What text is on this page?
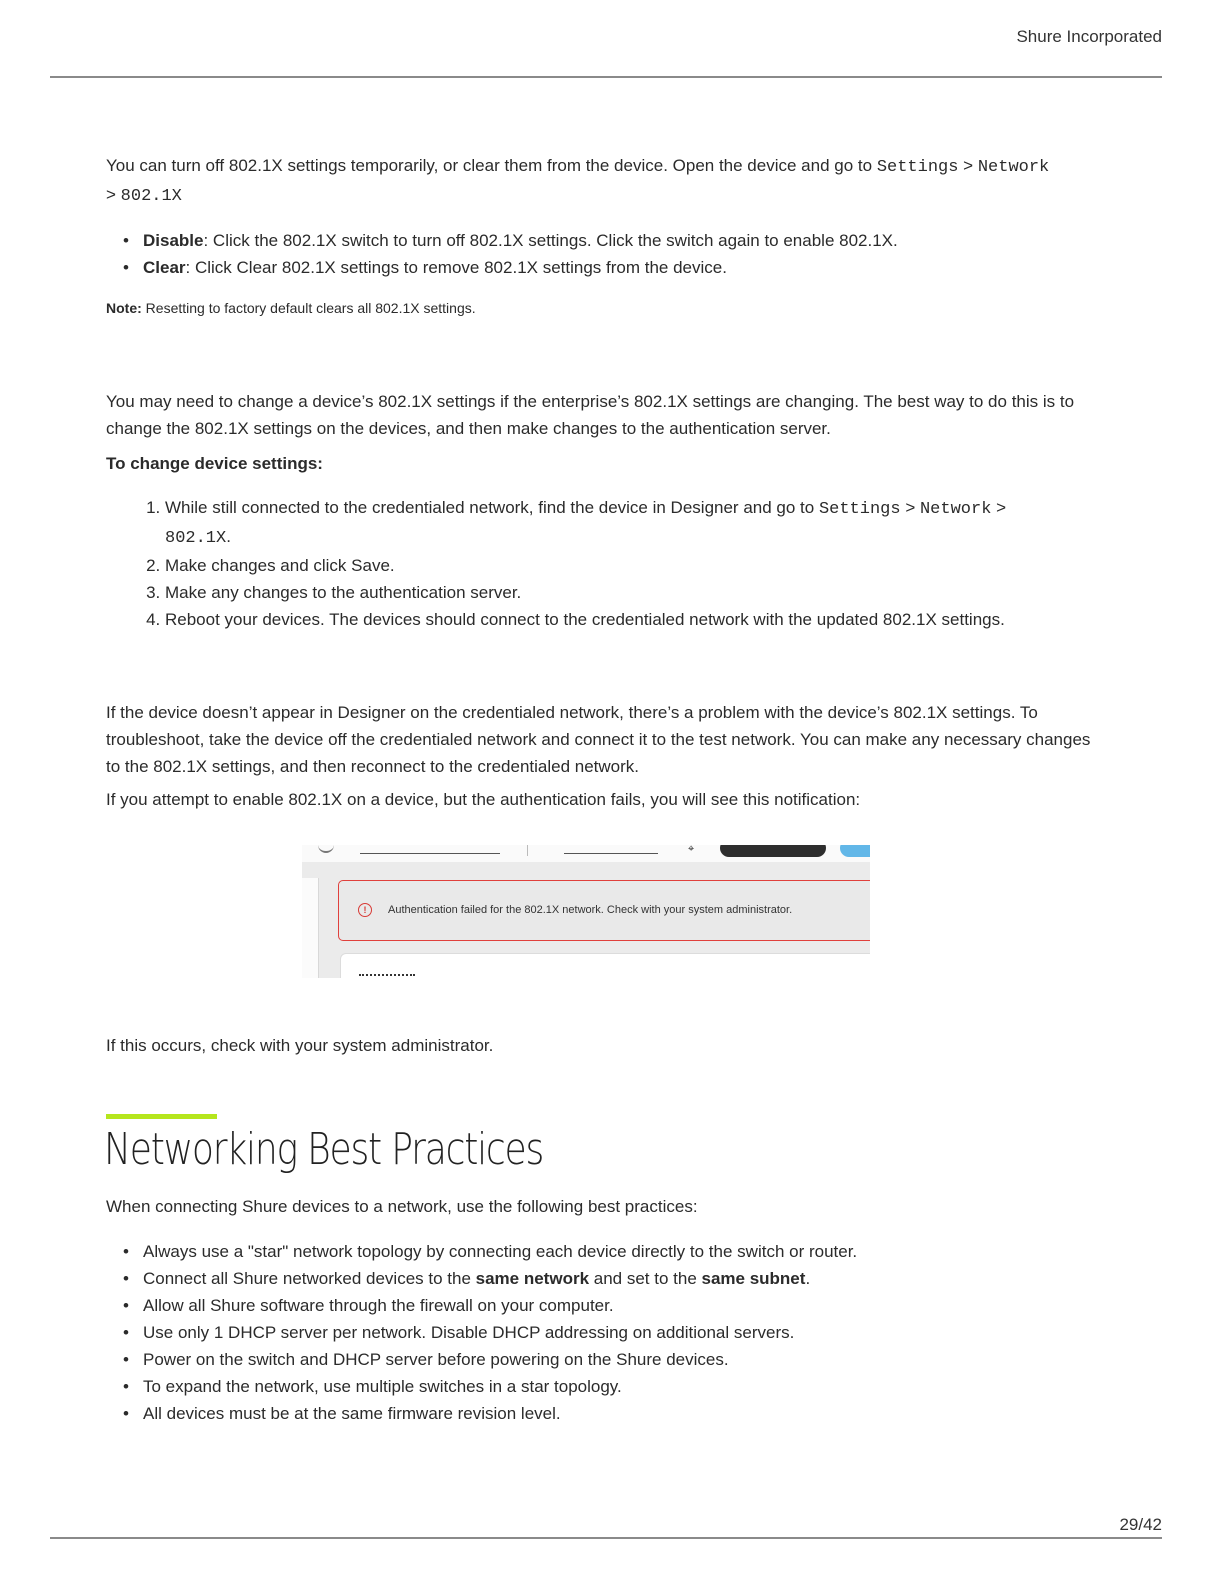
Shure Incorporated

You can turn off 802.1X settings temporarily, or clear them from the device. Open the device and go to Settings > Network
> 802.1X

• Disable: Click the 802.1X switch to turn off 802.1X settings. Click the switch again to enable 802.1X.
• Clear: Click Clear 802.1X settings to remove 802.1X settings from the device.
Note: Resetting to factory default clears all 802.1X settings.

You may need to change a device’s 802.1X settings if the enterprise’s 802.1X settings are changing. The best way to do this is to change the 802.1X settings on the devices, and then make changes to the authentication server.

To change device settings:

1. While still connected to the credentialed network, find the device in Designer and go to Settings > Network >
802.1X.
2. Make changes and click Save.
3. Make any changes to the authentication server.
4. Reboot your devices. The devices should connect to the credentialed network with the updated 802.1X settings.

If the device doesn’t appear in Designer on the credentialed network, there’s a problem with the device’s 802.1X settings. To troubleshoot, take the device off the credentialed network and connect it to the test network. You can make any necessary changes to the 802.1X settings, and then reconnect to the credentialed network.

If you attempt to enable 802.1X on a device, but the authentication fails, you will see this notification:

⌖
!	Authentication failed for the 802.1X network. Check with your system administrator.

If this occurs, check with your system administrator.

Networking Best Practices

When connecting Shure devices to a network, use the following best practices:

• Always use a "star" network topology by connecting each device directly to the switch or router.
• Connect all Shure networked devices to the same network and set to the same subnet.
• Allow all Shure software through the firewall on your computer.
• Use only 1 DHCP server per network. Disable DHCP addressing on additional servers.
• Power on the switch and DHCP server before powering on the Shure devices.
• To expand the network, use multiple switches in a star topology.
• All devices must be at the same firmware revision level.
29/42
